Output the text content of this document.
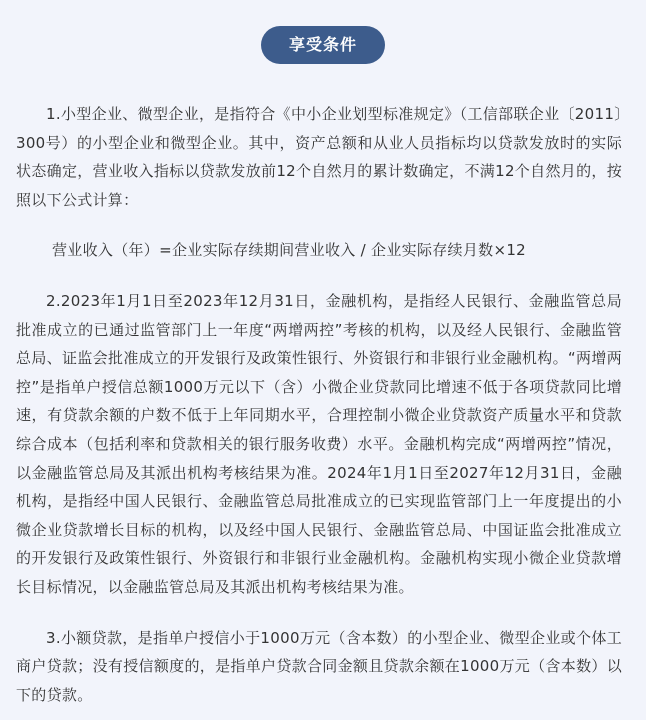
享受条件

1.小型企业、微型企业，是指符合《中小企业划型标准规定》（工信部联企业〔2011〕300号）的小型企业和微型企业。其中，资产总额和从业人员指标均以贷款发放时的实际状态确定，营业收入指标以贷款发放前12个自然月的累计数确定，不满12个自然月的，按照以下公式计算：

营业收入（年）=企业实际存续期间营业收入 / 企业实际存续月数×12

2.2023年1月1日至2023年12月31日，金融机构，是指经人民银行、金融监管总局批准成立的已通过监管部门上一年度“两增两控”考核的机构，以及经人民银行、金融监管总局、证监会批准成立的开发银行及政策性银行、外资银行和非银行业金融机构。“两增两控”是指单户授信总额1000万元以下（含）小微企业贷款同比增速不低于各项贷款同比增速，有贷款余额的户数不低于上年同期水平，合理控制小微企业贷款资产质量水平和贷款综合成本（包括利率和贷款相关的银行服务收费）水平。金融机构完成“两增两控”情况，以金融监管总局及其派出机构考核结果为准。2024年1月1日至2027年12月31日，金融机构，是指经中国人民银行、金融监管总局批准成立的已实现监管部门上一年度提出的小微企业贷款增长目标的机构，以及经中国人民银行、金融监管总局、中国证监会批准成立的开发银行及政策性银行、外资银行和非银行业金融机构。金融机构实现小微企业贷款增长目标情况，以金融监管总局及其派出机构考核结果为准。

3.小额贷款，是指单户授信小于1000万元（含本数）的小型企业、微型企业或个体工商户贷款；没有授信额度的，是指单户贷款合同金额且贷款余额在1000万元（含本数）以下的贷款。
